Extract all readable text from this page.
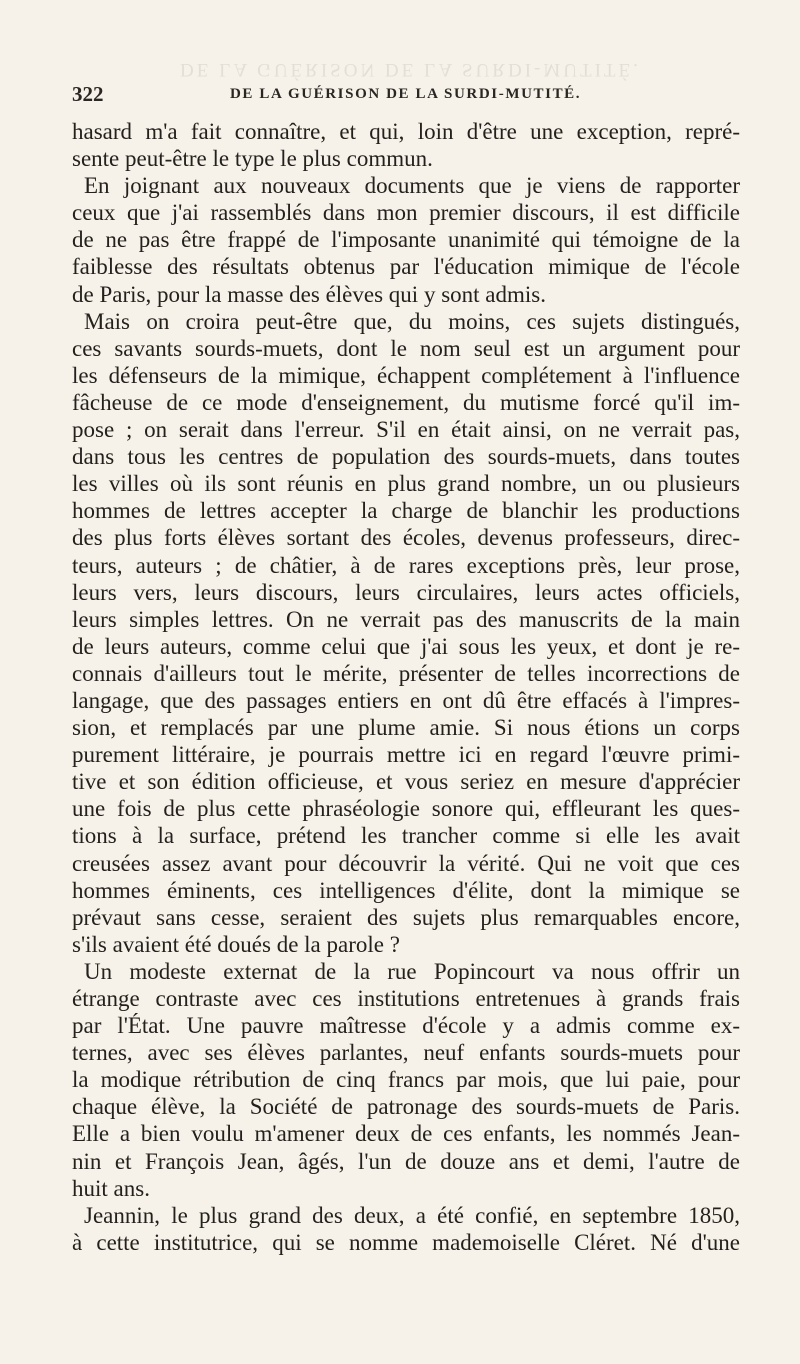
DE LA GUÉRISON DE LA SURDI-MUTITÉ.
322	DE LA GUÉRISON DE LA SURDI-MUTITÉ.
hasard m'a fait connaître, et qui, loin d'être une exception, repré-
sente peut-être le type le plus commun.
En joignant aux nouveaux documents que je viens de rapporter
ceux que j'ai rassemblés dans mon premier discours, il est difficile
de ne pas être frappé de l'imposante unanimité qui témoigne de la
faiblesse des résultats obtenus par l'éducation mimique de l'école
de Paris, pour la masse des élèves qui y sont admis.
Mais on croira peut-être que, du moins, ces sujets distingués,
ces savants sourds-muets, dont le nom seul est un argument pour
les défenseurs de la mimique, échappent complétement à l'influence
fâcheuse de ce mode d'enseignement, du mutisme forcé qu'il im-
pose ; on serait dans l'erreur. S'il en était ainsi, on ne verrait pas,
dans tous les centres de population des sourds-muets, dans toutes
les villes où ils sont réunis en plus grand nombre, un ou plusieurs
hommes de lettres accepter la charge de blanchir les productions
des plus forts élèves sortant des écoles, devenus professeurs, direc-
teurs, auteurs ; de châtier, à de rares exceptions près, leur prose,
leurs vers, leurs discours, leurs circulaires, leurs actes officiels,
leurs simples lettres. On ne verrait pas des manuscrits de la main
de leurs auteurs, comme celui que j'ai sous les yeux, et dont je re-
connais d'ailleurs tout le mérite, présenter de telles incorrections de
langage, que des passages entiers en ont dû être effacés à l'impres-
sion, et remplacés par une plume amie. Si nous étions un corps
purement littéraire, je pourrais mettre ici en regard l'œuvre primi-
tive et son édition officieuse, et vous seriez en mesure d'apprécier
une fois de plus cette phraséologie sonore qui, effleurant les ques-
tions à la surface, prétend les trancher comme si elle les avait
creusées assez avant pour découvrir la vérité. Qui ne voit que ces
hommes éminents, ces intelligences d'élite, dont la mimique se
prévaut sans cesse, seraient des sujets plus remarquables encore,
s'ils avaient été doués de la parole ?
Un modeste externat de la rue Popincourt va nous offrir un
étrange contraste avec ces institutions entretenues à grands frais
par l'État. Une pauvre maîtresse d'école y a admis comme ex-
ternes, avec ses élèves parlantes, neuf enfants sourds-muets pour
la modique rétribution de cinq francs par mois, que lui paie, pour
chaque élève, la Société de patronage des sourds-muets de Paris.
Elle a bien voulu m'amener deux de ces enfants, les nommés Jean-
nin et François Jean, âgés, l'un de douze ans et demi, l'autre de
huit ans.
Jeannin, le plus grand des deux, a été confié, en septembre 1850,
à cette institutrice, qui se nomme mademoiselle Cléret. Né d'une
